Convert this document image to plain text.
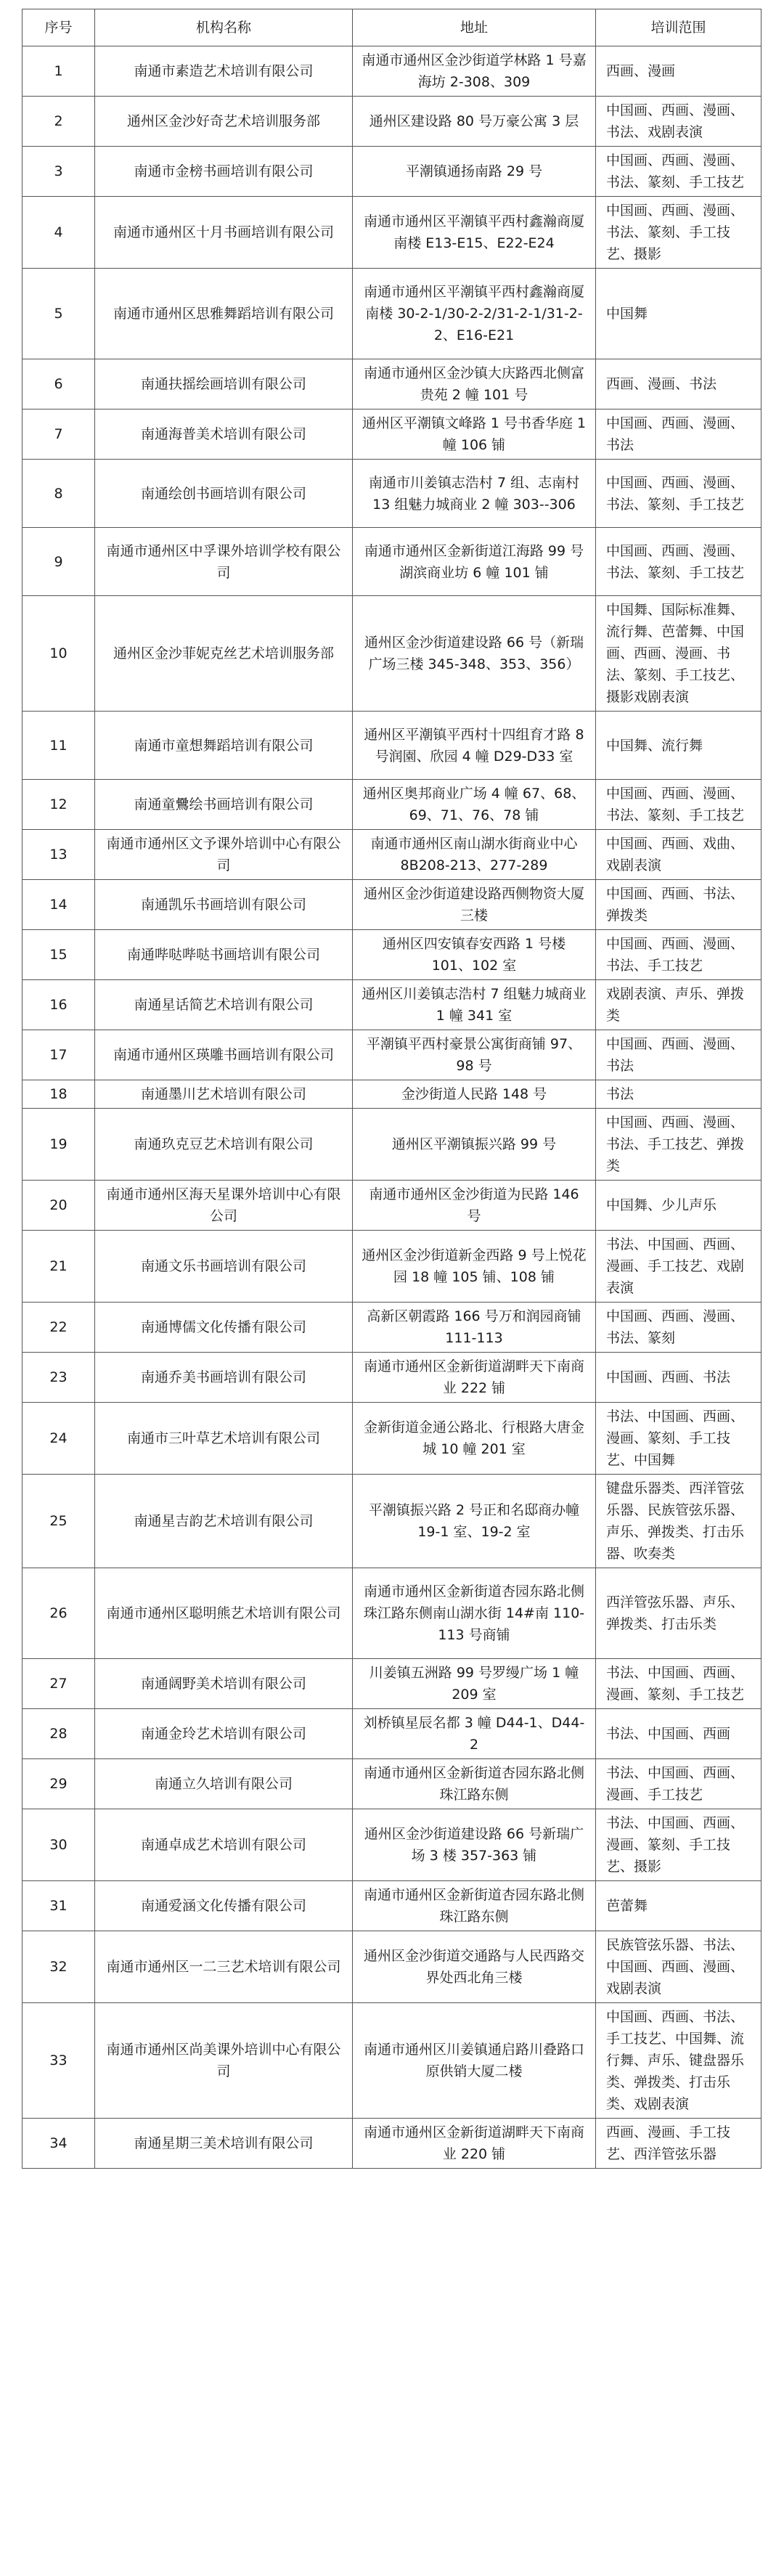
序号	机构名称	地址	培训范围
1	南通市素造艺术培训有限公司	南通市通州区金沙街道学林路 1 号嘉海坊 2-308、309	西画、漫画
2	通州区金沙好奇艺术培训服务部	通州区建设路 80 号万豪公寓 3 层	中国画、西画、漫画、书法、戏剧表演
3	南通市金榜书画培训有限公司	平潮镇通扬南路 29 号	中国画、西画、漫画、书法、篆刻、手工技艺
4	南通市通州区十月书画培训有限公司	南通市通州区平潮镇平西村鑫瀚商厦南楼 E13-E15、E22-E24	中国画、西画、漫画、书法、篆刻、手工技艺、摄影
5	南通市通州区思雅舞蹈培训有限公司	南通市通州区平潮镇平西村鑫瀚商厦南楼 30-2-1/30-2-2/31-2-1/31-2-2、E16-E21	中国舞
6	南通扶摇绘画培训有限公司	南通市通州区金沙镇大庆路西北侧富贵苑 2 幢 101 号	西画、漫画、书法
7	南通海普美术培训有限公司	通州区平潮镇文峰路 1 号书香华庭 1 幢 106 铺	中国画、西画、漫画、书法
8	南通绘创书画培训有限公司	南通市川姜镇志浩村 7 组、志南村 13 组魅力城商业 2 幢 303--306	中国画、西画、漫画、书法、篆刻、手工技艺
9	南通市通州区中孚课外培训学校有限公司	南通市通州区金新街道江海路 99 号湖滨商业坊 6 幢 101 铺	中国画、西画、漫画、书法、篆刻、手工技艺
10	通州区金沙菲妮克丝艺术培训服务部	通州区金沙街道建设路 66 号（新瑞广场三楼 345-348、353、356）	中国舞、国际标准舞、流行舞、芭蕾舞、中国画、西画、漫画、书法、篆刻、手工技艺、摄影戏剧表演
11	南通市童想舞蹈培训有限公司	通州区平潮镇平西村十四组育才路 8 号润園、欣园 4 幢 D29-D33 室	中国舞、流行舞
12	南通童䴎绘书画培训有限公司	通州区奥邦商业广场 4 幢 67、68、69、71、76、78 铺	中国画、西画、漫画、书法、篆刻、手工技艺
13	南通市通州区文予课外培训中心有限公司	南通市通州区南山湖水街商业中心 8B208-213、277-289	中国画、西画、戏曲、戏剧表演
14	南通凯乐书画培训有限公司	通州区金沙街道建设路西侧物资大厦三楼	中国画、西画、书法、弹拨类
15	南通哔哒哔哒书画培训有限公司	通州区四安镇春安西路 1 号楼 101、102 室	中国画、西画、漫画、书法、手工技艺
16	南通星话简艺术培训有限公司	通州区川姜镇志浩村 7 组魅力城商业 1 幢 341 室	戏剧表演、声乐、弹拨类
17	南通市通州区瑛雕书画培训有限公司	平潮镇平西村豪景公寓街商铺 97、98 号	中国画、西画、漫画、书法
18	南通墨川艺术培训有限公司	金沙街道人民路 148 号	书法
19	南通玖克豆艺术培训有限公司	通州区平潮镇振兴路 99 号	中国画、西画、漫画、书法、手工技艺、弹拨类
20	南通市通州区海天星课外培训中心有限公司	南通市通州区金沙街道为民路 146 号	中国舞、少儿声乐
21	南通文乐书画培训有限公司	通州区金沙街道新金西路 9 号上悦花园 18 幢 105 铺、108 铺	书法、中国画、西画、漫画、手工技艺、戏剧表演
22	南通博儒文化传播有限公司	高新区朝霞路 166 号万和润园商铺 111-113	中国画、西画、漫画、书法、篆刻
23	南通乔美书画培训有限公司	南通市通州区金新街道湖畔天下南商业 222 铺	中国画、西画、书法
24	南通市三叶草艺术培训有限公司	金新街道金通公路北、行根路大唐金城 10 幢 201 室	书法、中国画、西画、漫画、篆刻、手工技艺、中国舞
25	南通星吉韵艺术培训有限公司	平潮镇振兴路 2 号正和名邸商办幢 19-1 室、19-2 室	键盘乐器类、西洋管弦乐器、民族管弦乐器、声乐、弹拨类、打击乐器、吹奏类
26	南通市通州区聪明熊艺术培训有限公司	南通市通州区金新街道杏园东路北侧珠江路东侧南山湖水街 14#南 110-113 号商铺	西洋管弦乐器、声乐、弹拨类、打击乐类
27	南通阔野美术培训有限公司	川姜镇五洲路 99 号罗缦广场 1 幢 209 室	书法、中国画、西画、漫画、篆刻、手工技艺
28	南通金玲艺术培训有限公司	刘桥镇星辰名都 3 幢 D44-1、D44-2	书法、中国画、西画
29	南通立久培训有限公司	南通市通州区金新街道杏园东路北侧珠江路东侧	书法、中国画、西画、漫画、手工技艺
30	南通卓成艺术培训有限公司	通州区金沙街道建设路 66 号新瑞广场 3 楼 357-363 铺	书法、中国画、西画、漫画、篆刻、手工技艺、摄影
31	南通爱涵文化传播有限公司	南通市通州区金新街道杏园东路北侧珠江路东侧	芭蕾舞
32	南通市通州区一二三艺术培训有限公司	通州区金沙街道交通路与人民西路交界处西北角三楼	民族管弦乐器、书法、中国画、西画、漫画、戏剧表演
33	南通市通州区尚美课外培训中心有限公司	南通市通州区川姜镇通启路川叠路口原供销大厦二楼	中国画、西画、书法、手工技艺、中国舞、流行舞、声乐、键盘器乐类、弹拨类、打击乐类、戏剧表演
34	南通星期三美术培训有限公司	南通市通州区金新街道湖畔天下南商业 220 铺	西画、漫画、手工技艺、西洋管弦乐器
